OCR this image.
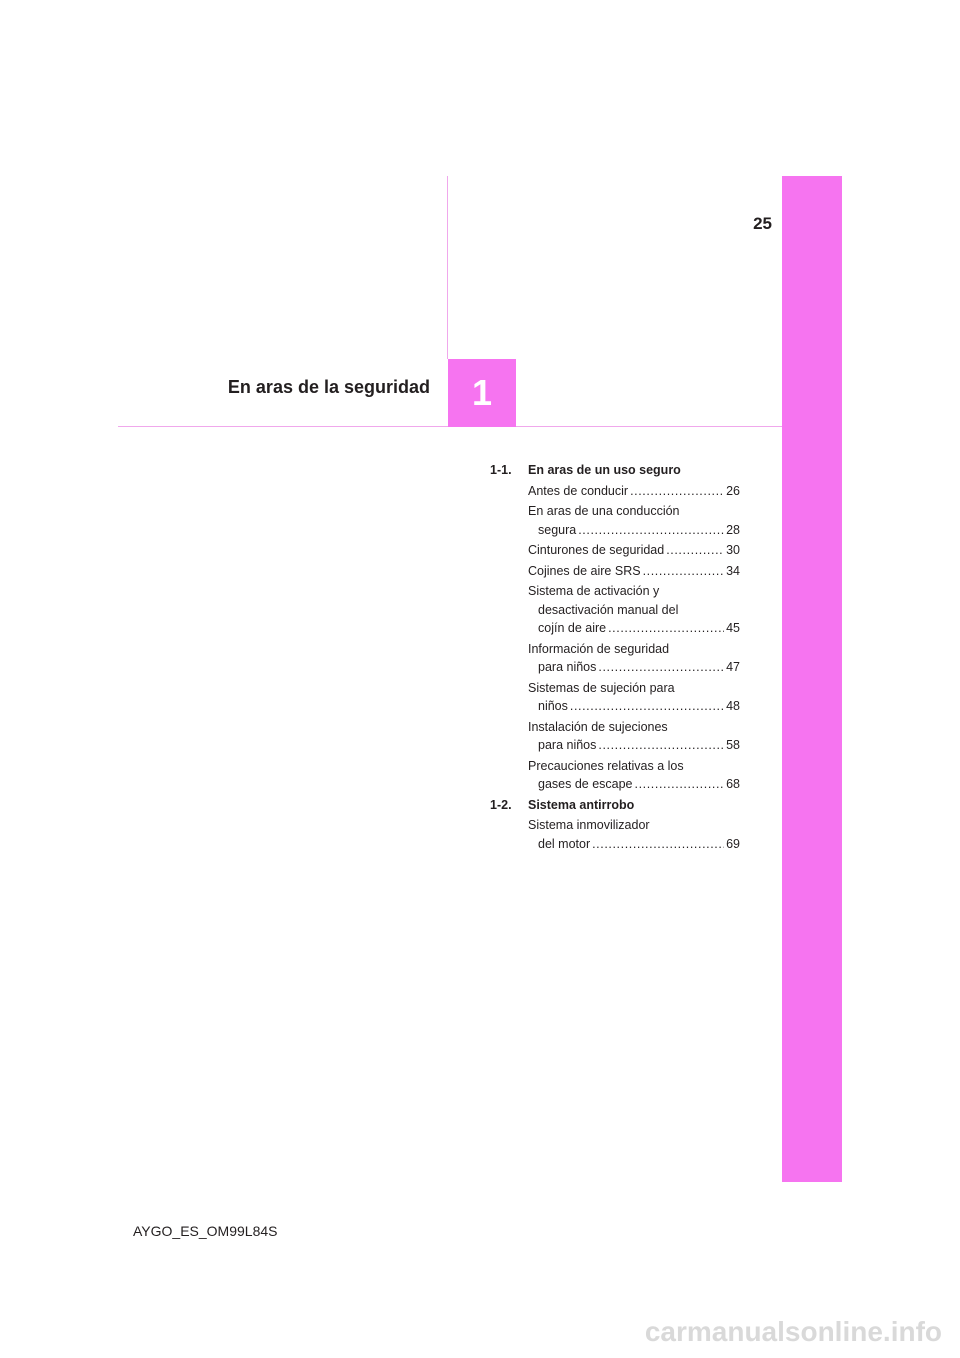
25
En aras de la seguridad 1
1-1.	En aras de un uso seguro
Antes de conducir .....	26
En aras de una conducción
segura .....	28
Cinturones de seguridad .....	30
Cojines de aire SRS .....	34
Sistema de activación y
desactivación manual del
cojín de aire .....	45
Información de seguridad
para niños .....	47
Sistemas de sujeción para
niños .....	48
Instalación de sujeciones
para niños .....	58
Precauciones relativas a los
gases de escape .....	68
1-2.	Sistema antirrobo
Sistema inmovilizador
del motor .....	69
AYGO_ES_OM99L84S
carmanualsonline.info
